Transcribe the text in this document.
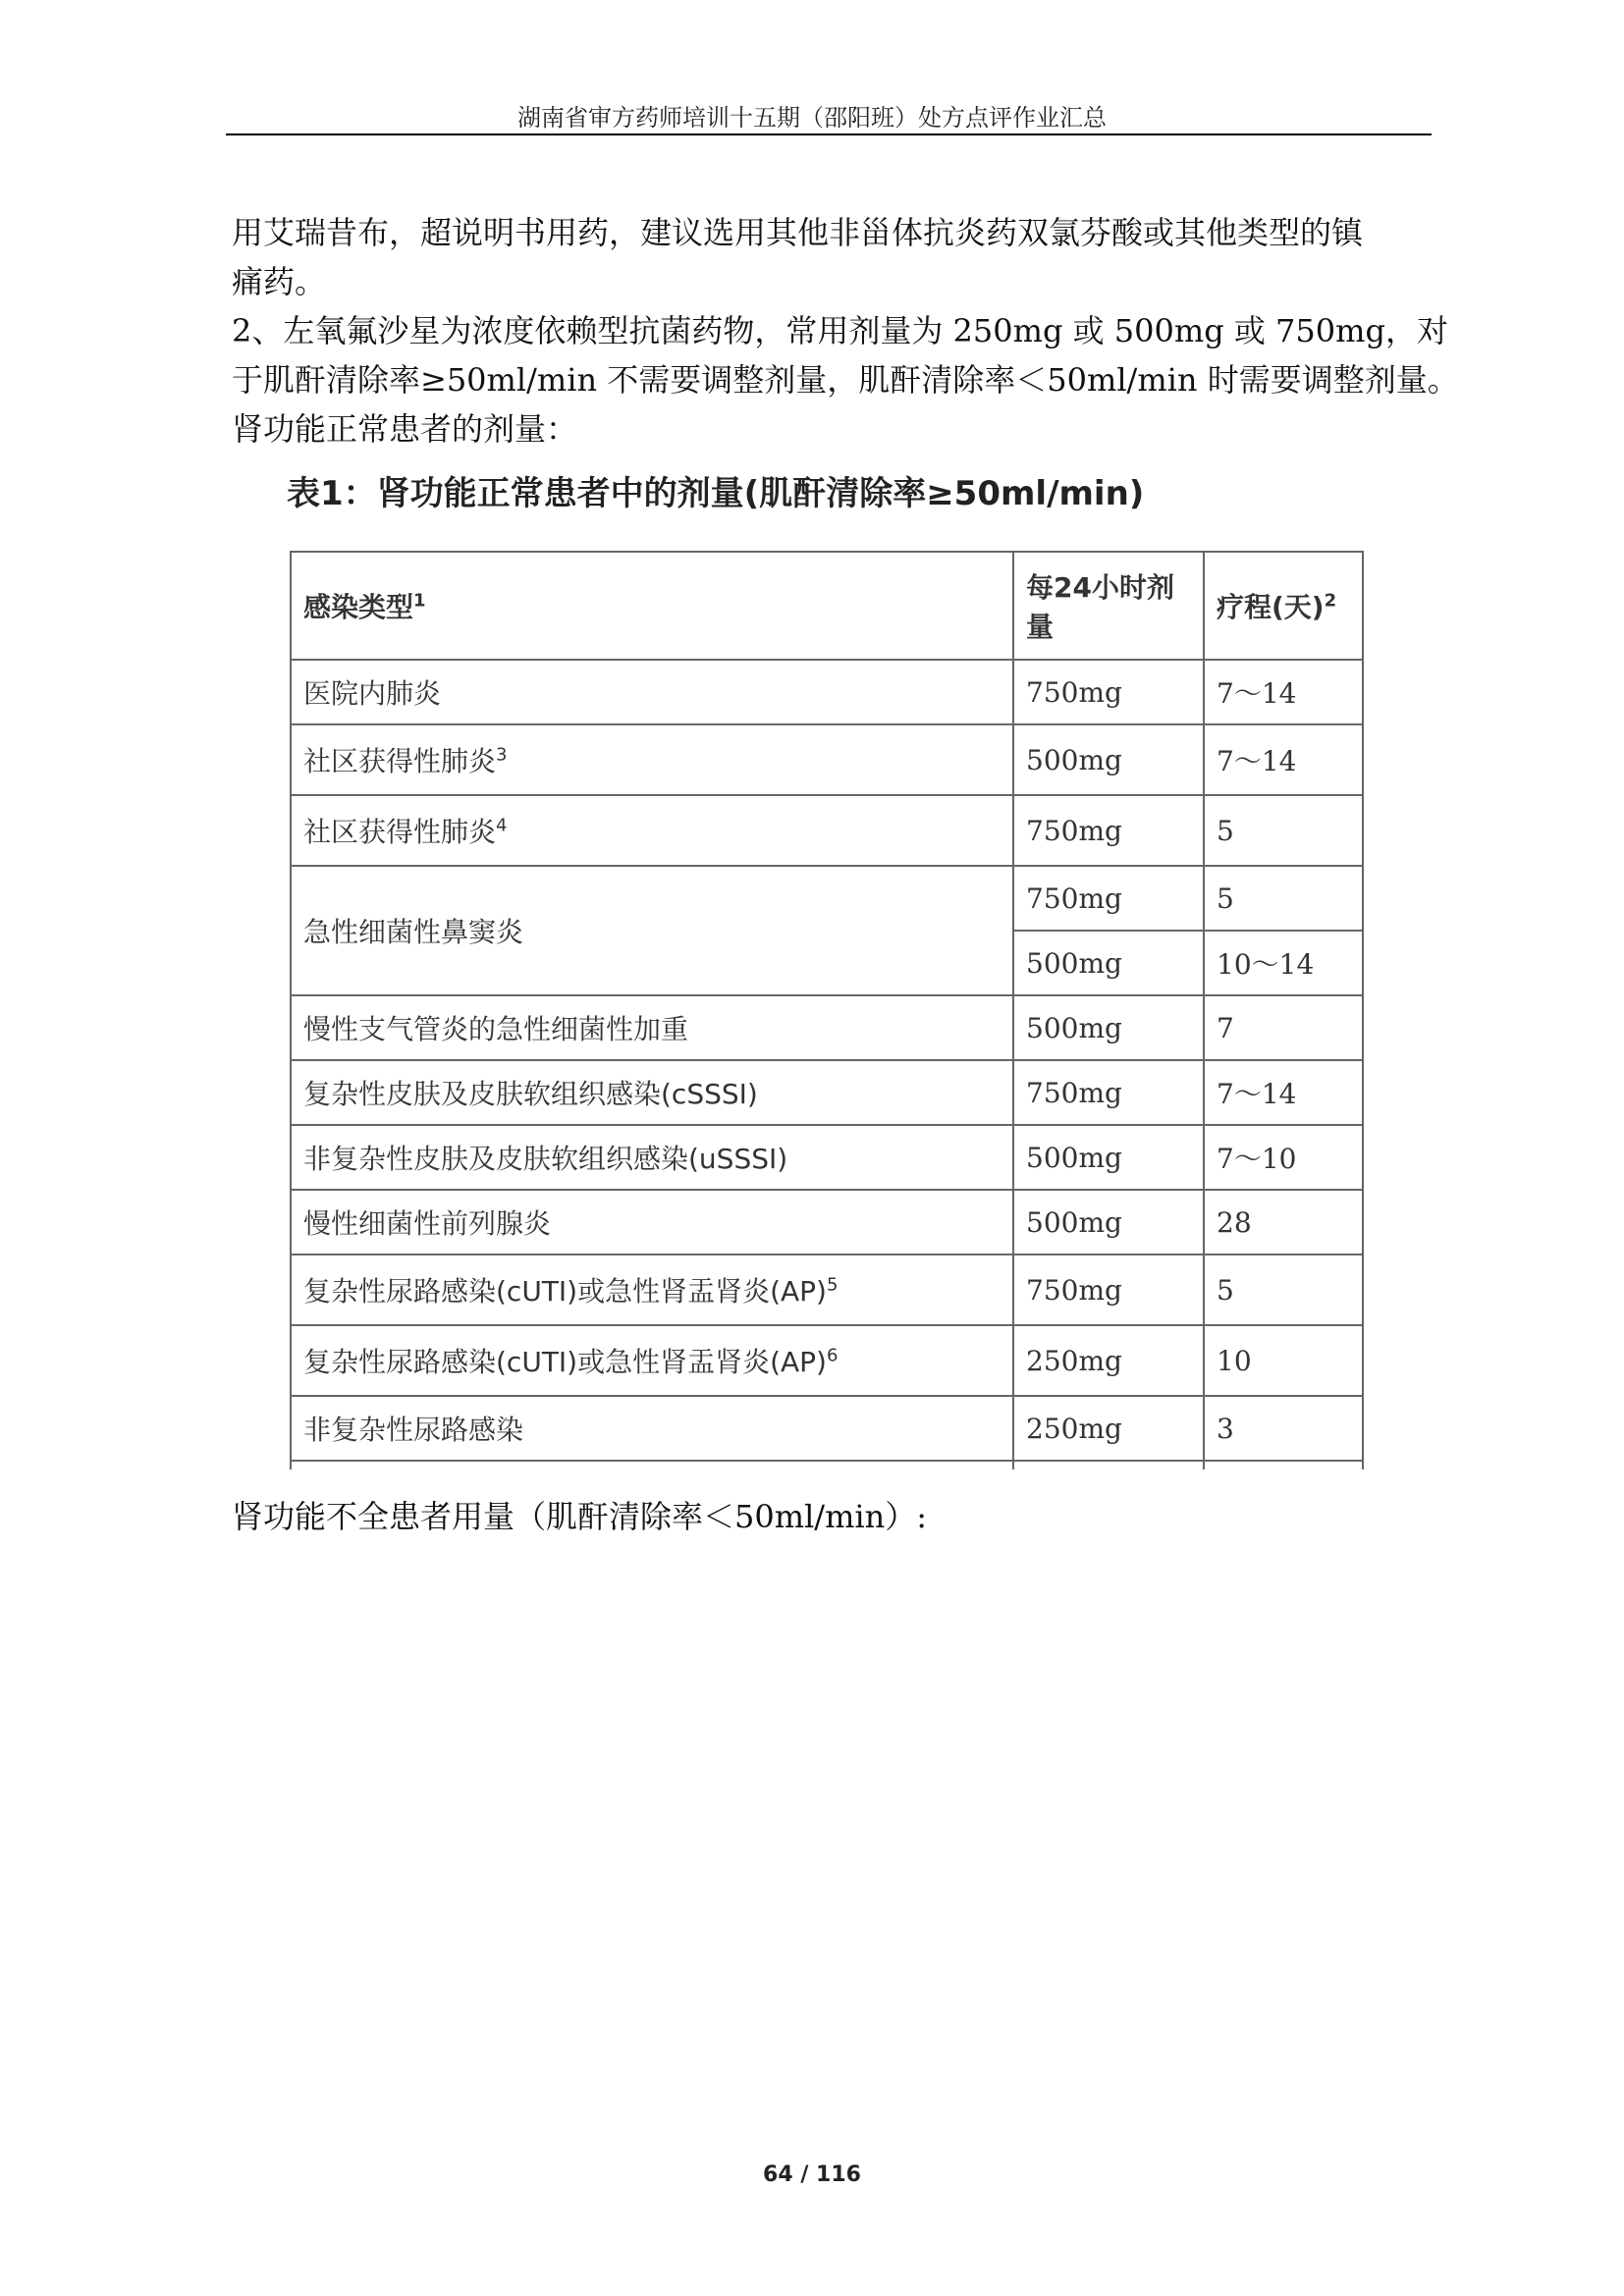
湖南省审方药师培训十五期（邵阳班）处方点评作业汇总
用艾瑞昔布，超说明书用药，建议选用其他非甾体抗炎药双氯芬酸或其他类型的镇
痛药。
2、左氧氟沙星为浓度依赖型抗菌药物，常用剂量为 250mg 或 500mg 或 750mg，对
于肌酐清除率≥50ml/min 不需要调整剂量，肌酐清除率＜50ml/min 时需要调整剂量。
肾功能正常患者的剂量：
表1：肾功能正常患者中的剂量(肌酐清除率≥50ml/min)
感染类型$^1$	每24小时剂量	疗程(天)$^2$
医院内肺炎	750mg	7～14
社区获得性肺炎$^3$	500mg	7～14
社区获得性肺炎$^4$	750mg	5
急性细菌性鼻窦炎	750mg	5
	500mg	10～14
慢性支气管炎的急性细菌性加重	500mg	7
复杂性皮肤及皮肤软组织感染(cSSSI)	750mg	7～14
非复杂性皮肤及皮肤软组织感染(uSSSI)	500mg	7～10
慢性细菌性前列腺炎	500mg	28
复杂性尿路感染(cUTI)或急性肾盂肾炎(AP)$^5$	750mg	5
复杂性尿路感染(cUTI)或急性肾盂肾炎(AP)$^6$	250mg	10
非复杂性尿路感染	250mg	3

肾功能不全患者用量（肌酐清除率＜50ml/min）:
64 / 116
